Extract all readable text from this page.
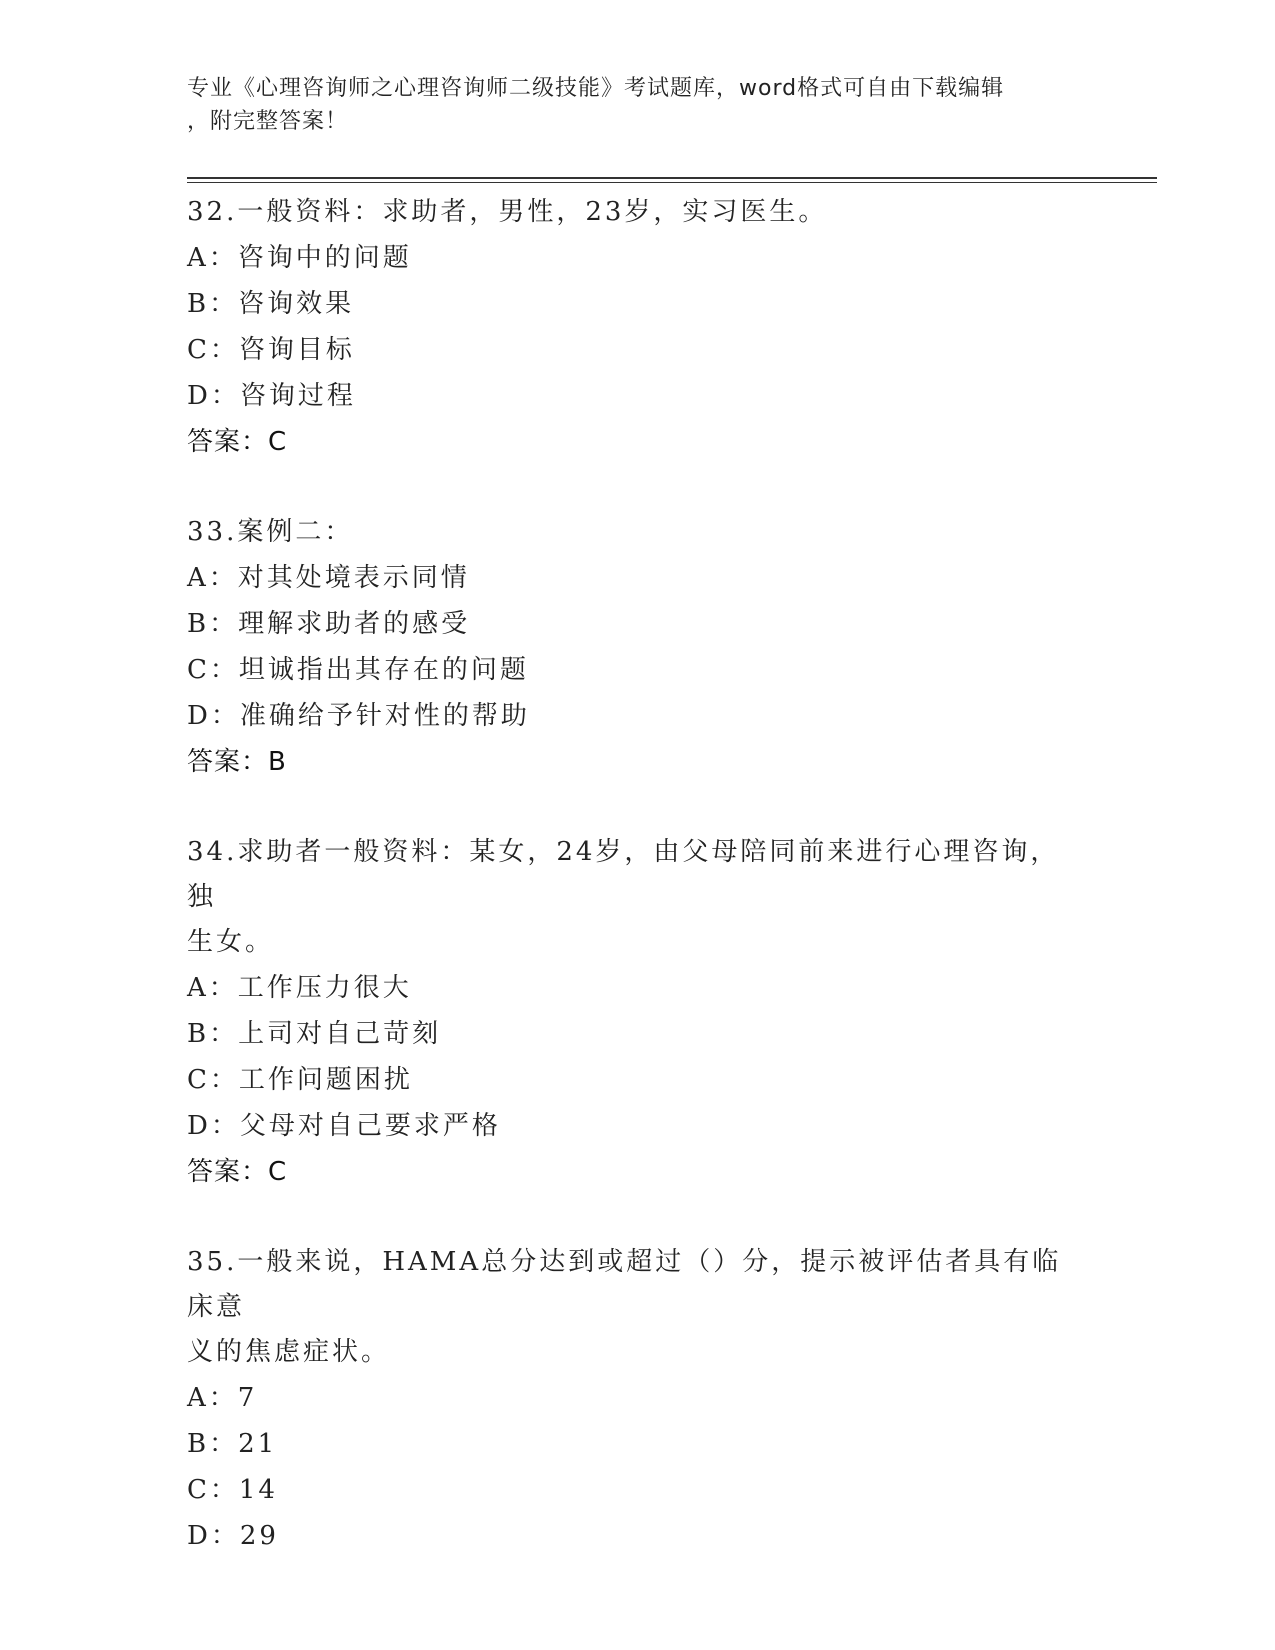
专业《心理咨询师之心理咨询师二级技能》考试题库，word格式可自由下载编辑
，附完整答案！

32.一般资料：求助者，男性，23岁，实习医生。

A：咨询中的问题

B：咨询效果

C：咨询目标

D：咨询过程

答案：C

33.案例二：

A：对其处境表示同情

B：理解求助者的感受

C：坦诚指出其存在的问题

D：准确给予针对性的帮助

答案：B

34.求助者一般资料：某女，24岁，由父母陪同前来进行心理咨询，独

生女。

A：工作压力很大

B：上司对自己苛刻

C：工作问题困扰

D：父母对自己要求严格

答案：C

35.一般来说，HAMA总分达到或超过（）分，提示被评估者具有临床意

义的焦虑症状。

A：7

B：21

C：14

D：29
